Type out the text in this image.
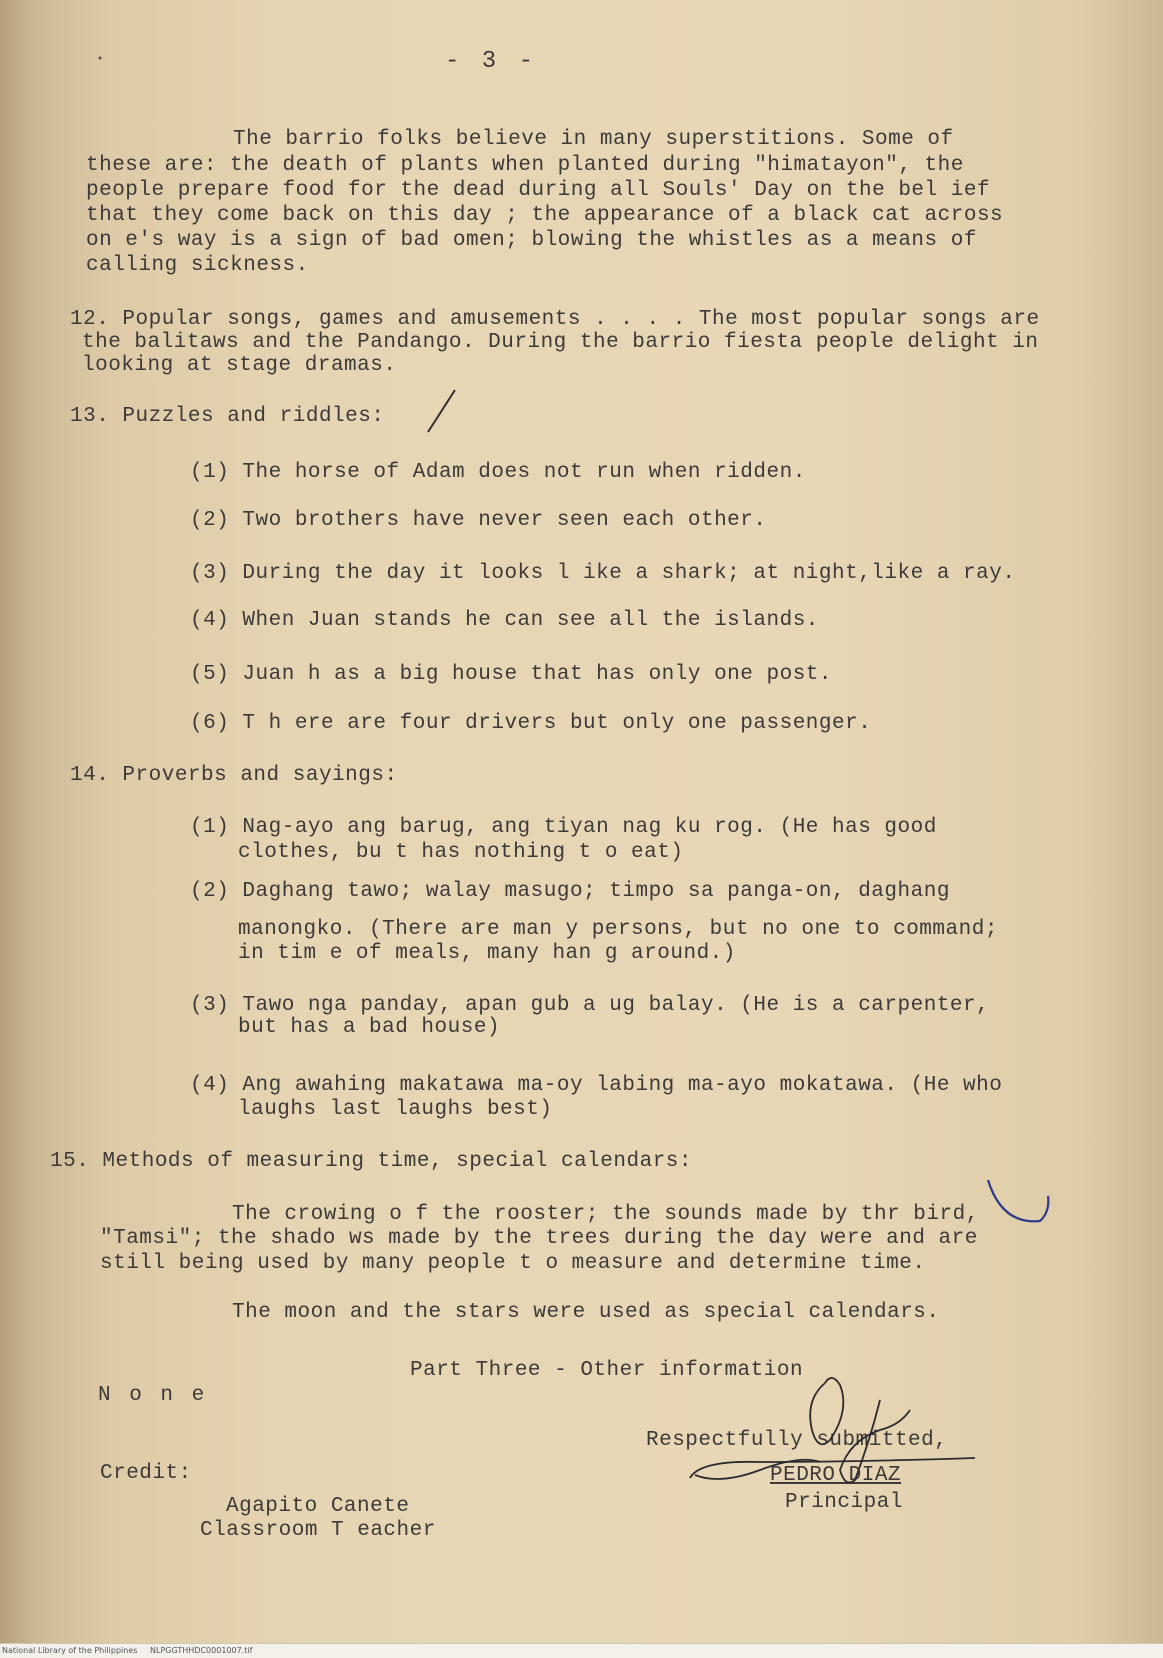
- 3 -
The barrio folks believe in many superstitions. Some of
these are: the death of plants when planted during "himatayon", the
people prepare food for the dead during all Souls' Day on the bel ief
that they come back on this day ; the appearance of a black cat across
on e's way is a sign of bad omen; blowing the whistles as a means of
calling sickness.
12. Popular songs, games and amusements . . . . The most popular songs are
the balitaws and the Pandango. During the barrio fiesta people delight in
looking at stage dramas.
13. Puzzles and riddles:
(1) The horse of Adam does not run when ridden.
(2) Two brothers have never seen each other.
(3) During the day it looks l ike a shark; at night,like a ray.
(4) When Juan stands he can see all the islands.
(5) Juan h as a big house that has only one post.
(6) T h ere are four drivers but only one passenger.
14. Proverbs and sayings:
(1) Nag-ayo ang barug, ang tiyan nag ku rog. (He has good
clothes, bu t has nothing t o eat)
(2) Daghang tawo; walay masugo; timpo sa panga-on, daghang
manongko. (There are man y persons, but no one to command;
in tim e of meals, many han g around.)
(3) Tawo nga panday, apan gub a ug balay. (He is a carpenter,
but has a bad house)
(4) Ang awahing makatawa ma-oy labing ma-ayo mokatawa. (He who
laughs last laughs best)
15. Methods of measuring time, special calendars:
The crowing o f the rooster; the sounds made by thr bird,
"Tamsi"; the shado ws made by the trees during the day were and are
still being used by many people t o measure and determine time.
The moon and the stars were used as special calendars.
Part Three - Other information
N o n e
Credit:
Agapito Canete
Classroom T eacher
Respectfully submitted,
PEDRO DIAZ
Principal
National Library of the Philippines NLPGGTHHDC0001007.tif
